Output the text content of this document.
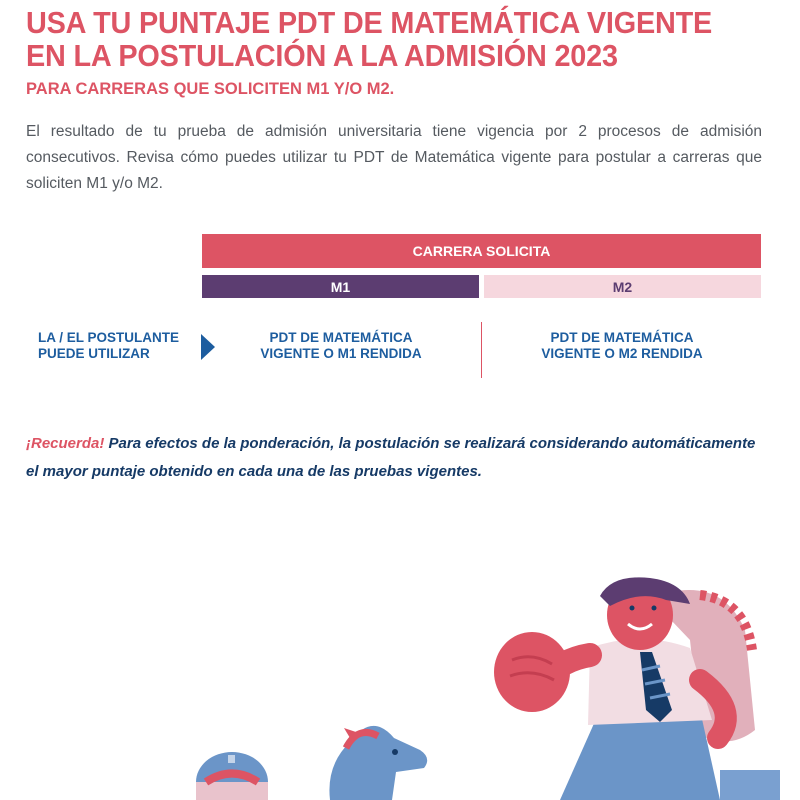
USA TU PUNTAJE PDT DE MATEMÁTICA VIGENTE
EN LA POSTULACIÓN A LA ADMISIÓN 2023
PARA CARRERAS QUE SOLICITEN M1 Y/O M2.
El resultado de tu prueba de admisión universitaria tiene vigencia por 2 procesos de admisión consecutivos. Revisa cómo puedes utilizar tu PDT de Matemática vigente para postular a carreras que soliciten M1 y/o M2.
CARRERA SOLICITA
M1	M2
LA / EL POSTULANTE
PUEDE UTILIZAR
PDT DE MATEMÁTICA
VIGENTE O M1 RENDIDA
PDT DE MATEMÁTICA
VIGENTE O M2 RENDIDA
¡Recuerda! Para efectos de la ponderación, la postulación se realizará considerando automáticamente el mayor puntaje obtenido en cada una de las pruebas vigentes.
